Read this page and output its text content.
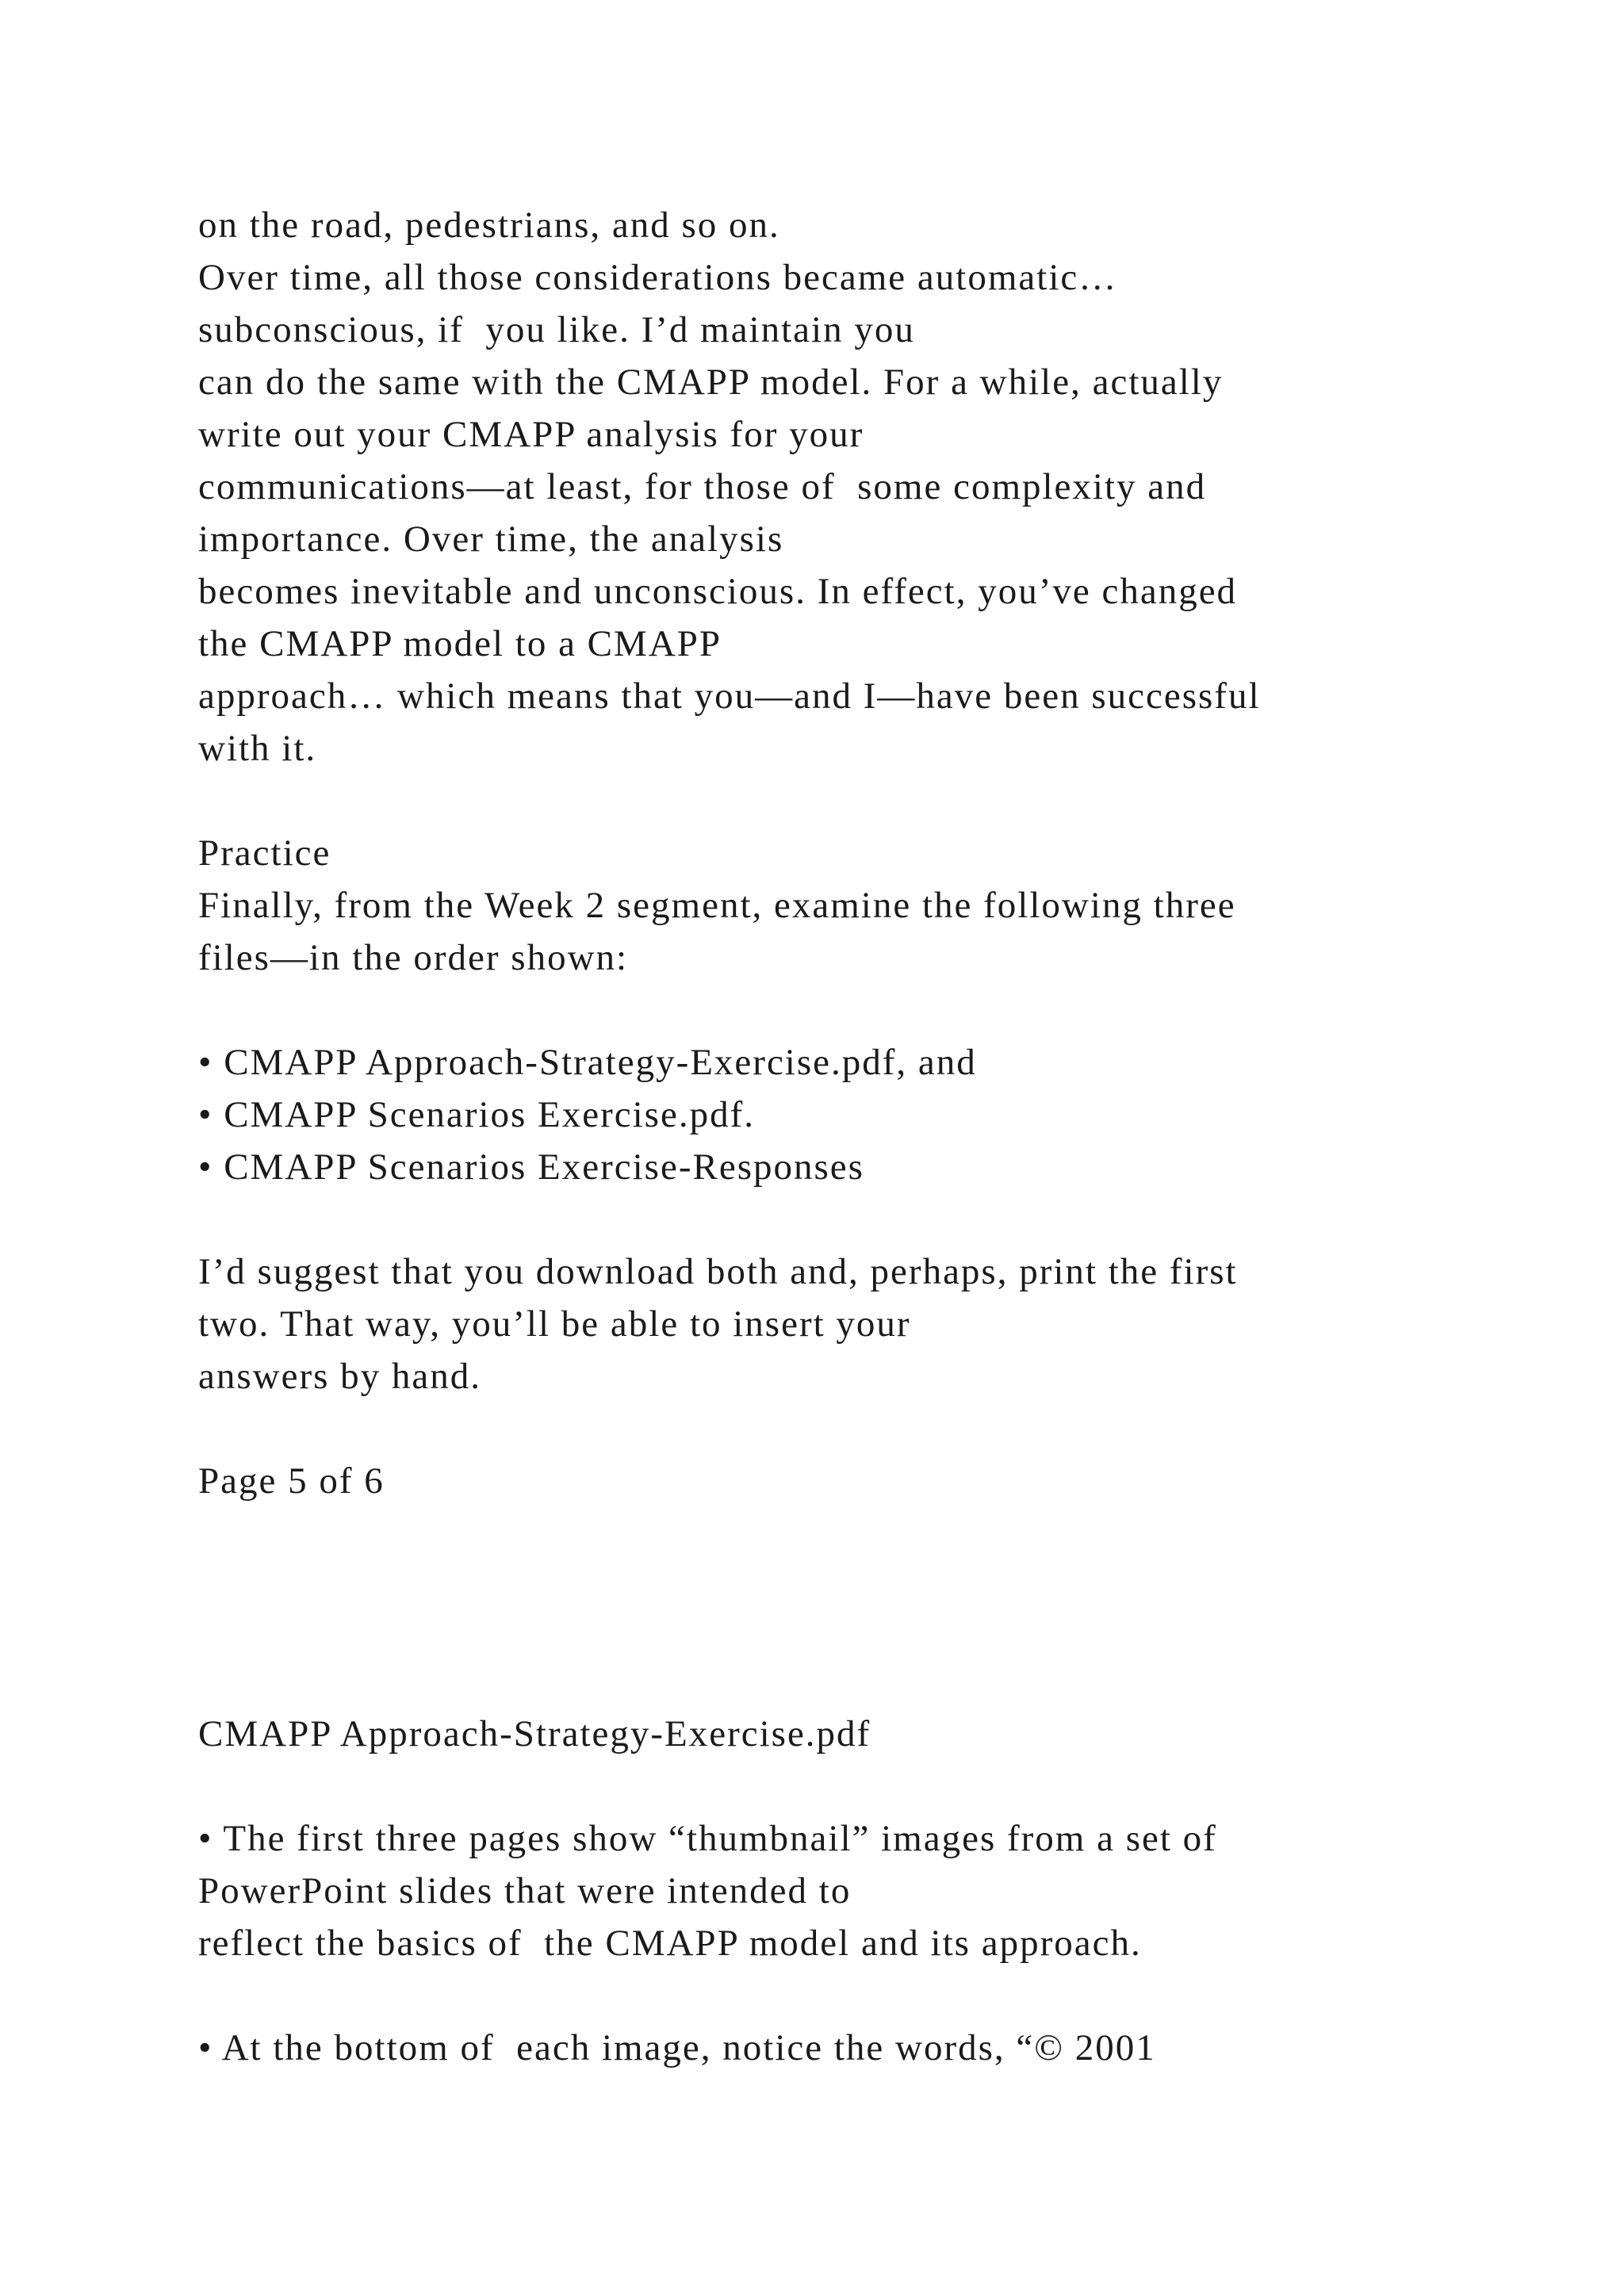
on the road, pedestrians, and so on.
Over time, all those considerations became automatic…
subconscious, if  you like. I’d maintain you
can do the same with the CMAPP model. For a while, actually
write out your CMAPP analysis for your
communications—at least, for those of  some complexity and
importance. Over time, the analysis
becomes inevitable and unconscious. In effect, you’ve changed
the CMAPP model to a CMAPP
approach… which means that you—and I—have been successful
with it.
Practice
Finally, from the Week 2 segment, examine the following three
files—in the order shown:
• CMAPP Approach-Strategy-Exercise.pdf, and
• CMAPP Scenarios Exercise.pdf.
• CMAPP Scenarios Exercise-Responses
I’d suggest that you download both and, perhaps, print the first
two. That way, you’ll be able to insert your
answers by hand.
Page 5 of 6
CMAPP Approach-Strategy-Exercise.pdf
• The first three pages show “thumbnail” images from a set of
PowerPoint slides that were intended to
reflect the basics of  the CMAPP model and its approach.
• At the bottom of  each image, notice the words, “© 2001
